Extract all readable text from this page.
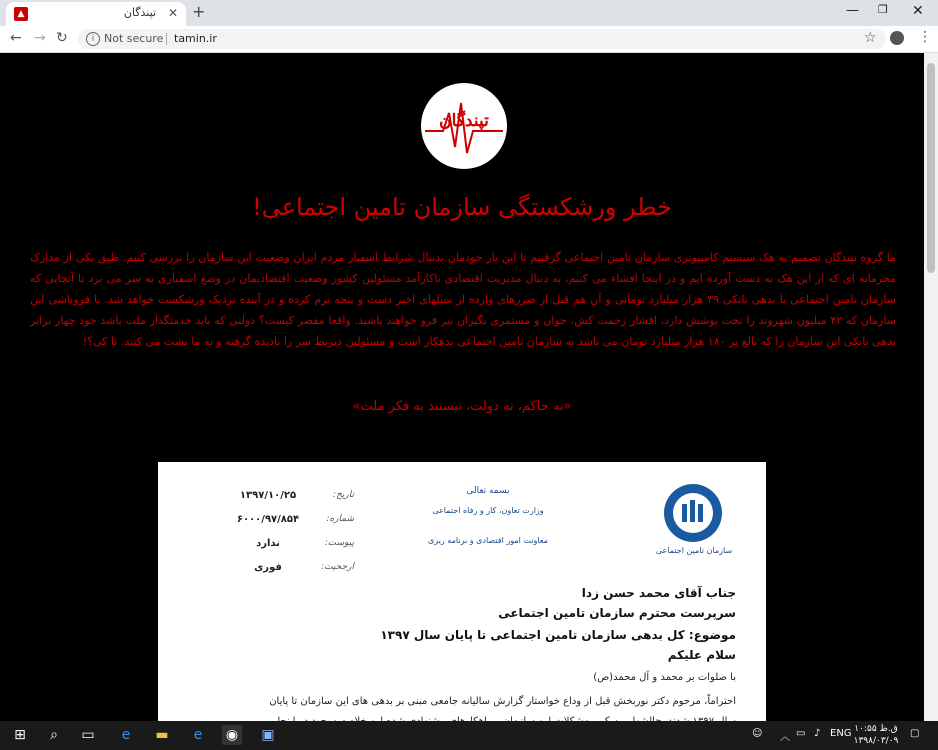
▲	تپندگان ✕ +	— ❐ ✕
← → ↻	i Not secure tamin.ir	☆	⋮
تپندگان
خطر ورشکستگی سازمان تامین اجتماعی!
ما گروه تپندگان تصمیم به هک سیستم کامپیوتری سازمان تامین اجتماعی گرفتیم تا این بار خودمان بدنبال شرایط اسفبار مردم ایران وضعیت این سازمان را بررسی کنیم. طبق یکی از مدارک محرمانه ای که از این هک به دست آورده ایم و در اینجا افشاء می کنیم، به دنبال مدیریت اقتصادی ناکارآمد مسئولین کشور وضعیت اقتصادیمان در وضع اسفباری به سر می برد تا آنجایی که سازمان تامین اجتماعی با بدهی بانکی ۳۹ هزار میلیارد تومانی و آن هم قبل از ضررهای وارده از سیلهای اخیر دست و پنجه نرم کرده و در آینده نزدیک ورشکست خواهد شد. با فروپاشی این سازمان که ۴۲ میلیون شهروند را تحت پوشش دارد، اقشار زحمت کش، جوان و مستمری بگیران نیز فرو خواهند پاشید. واقعا مقصر کیست؟ دولتی که باید خدمتگذار ملت باشد خود چهار برابر بدهی بانکی این سازمان را که بالغ بر ۱۸۰ هزار میلیارد تومان می باشد به سازمان تامین اجتماعی بدهکار است و مسئولین ذیربط سر را نادیده گرفته و به ما پشت می کنند. تا کی؟!
«نه حاکم، نه دولت، نیستند به فکر ملت»
سازمان تامین اجتماعی
بسمه تعالی
وزارت تعاون، کار و رفاه اجتماعی
معاونت امور اقتصادی و برنامه ریزی
تاریخ:
۱۳۹۷/۱۰/۲۵
شماره:
۶۰۰۰/۹۷/۸۵۴
پیوست:
ندارد
ارجحیت:
فوری
جناب آقای محمد حسن زدا
سرپرست محترم سازمان تامین اجتماعی
موضوع: کل بدهی سازمان تامین اجتماعی تا پایان سال ۱۳۹۷
سلام علیکم
با صلوات بر محمد و آل محمد(ص)
احتراماً، مرحوم دکتر نوربخش قبل از وداع خواستار گزارش سالیانه جامعی مبنی بر بدهی های این سازمان تا پایان
⊞	⌕	▭	e	▬	e	◉ ▣	☺ ︿ ▭ ♪ ENG ۱۰:۵۵ ق.ظ
۱۳۹۸/۰۳/۰۹
▢
